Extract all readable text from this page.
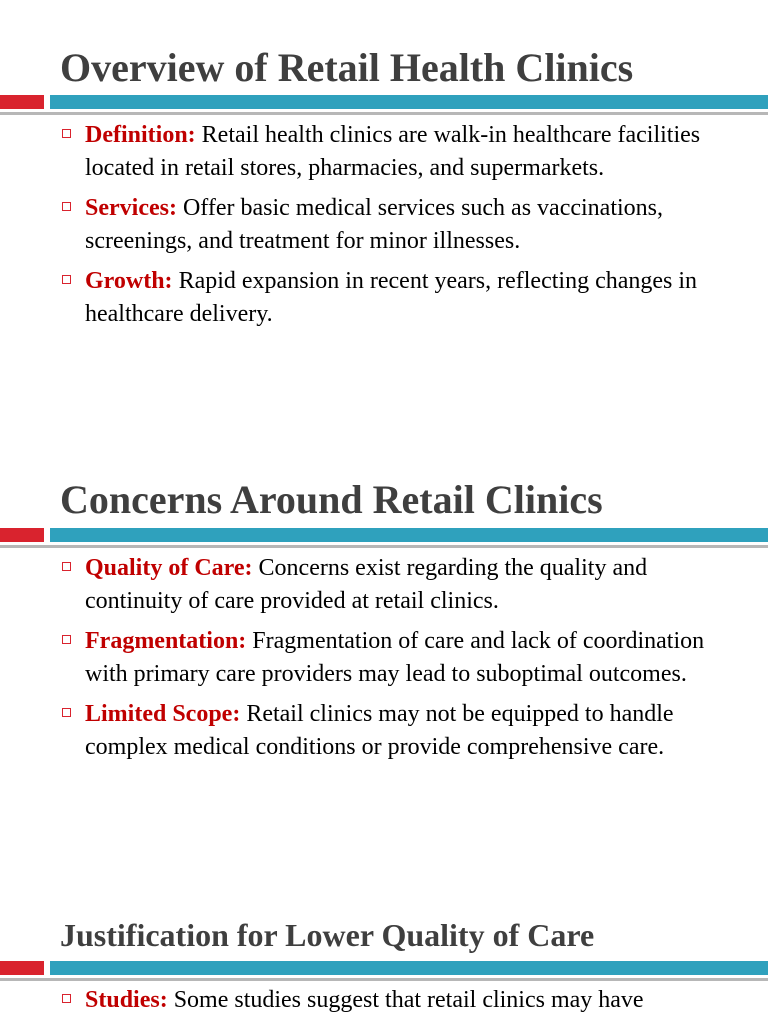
Overview of Retail Health Clinics
Definition: Retail health clinics are walk-in healthcare facilities located in retail stores, pharmacies, and supermarkets.
Services: Offer basic medical services such as vaccinations, screenings, and treatment for minor illnesses.
Growth: Rapid expansion in recent years, reflecting changes in healthcare delivery.
Concerns Around Retail Clinics
Quality of Care: Concerns exist regarding the quality and continuity of care provided at retail clinics.
Fragmentation: Fragmentation of care and lack of coordination with primary care providers may lead to suboptimal outcomes.
Limited Scope: Retail clinics may not be equipped to handle complex medical conditions or provide comprehensive care.
Justification for Lower Quality of Care
Studies: Some studies suggest that retail clinics may have
